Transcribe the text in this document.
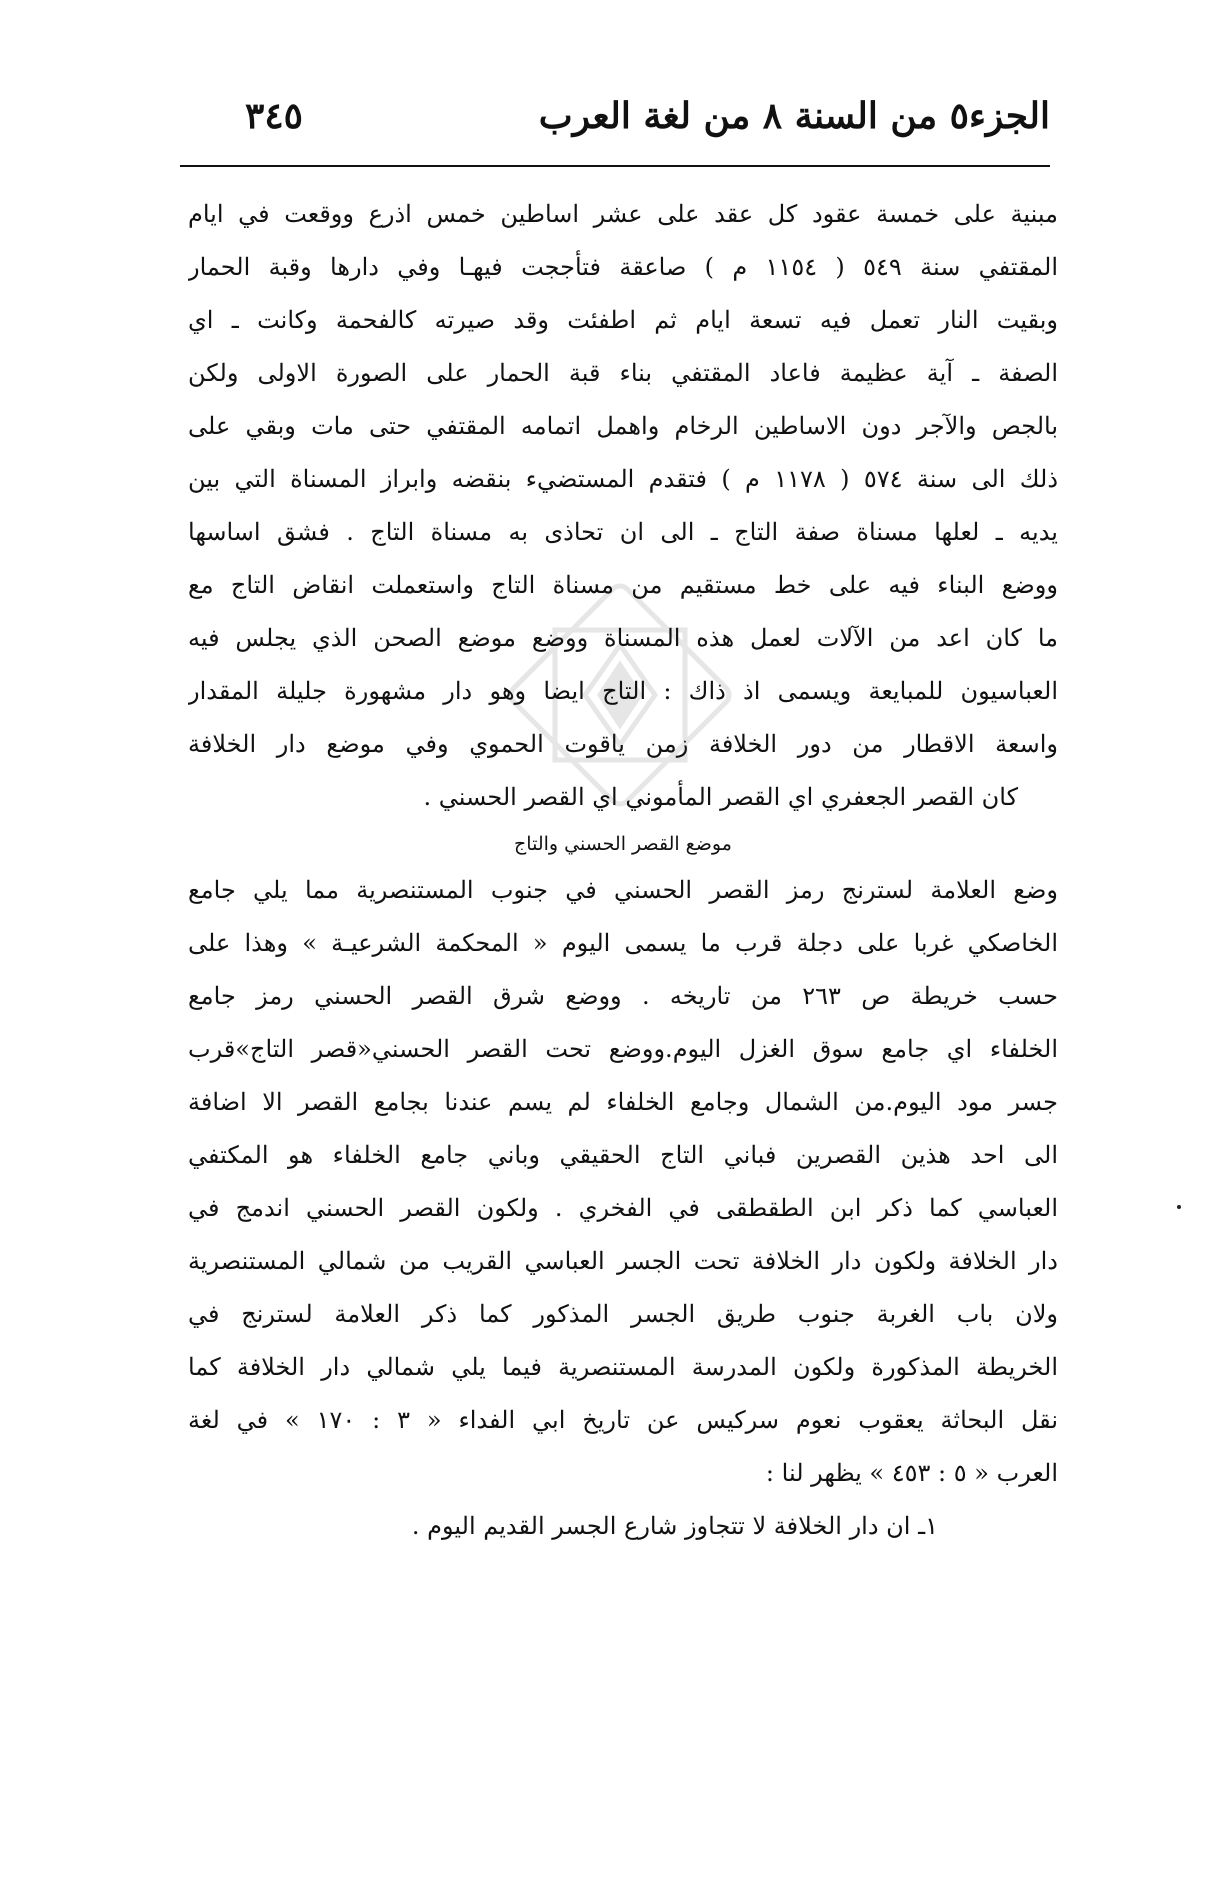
الجزء٥ من السنة ٨ من لغة العرب
٣٤٥
مبنية على خمسة عقود كل عقد على عشر اساطين خمس اذرع ووقعت في ايام
المقتفي سنة ٥٤٩ ( ١١٥٤ م ) صاعقة فتأججت فيهـا وفي دارها وقبة الحمار
وبقيت النار تعمل فيه تسعة ايام ثم اطفئت وقد صيرته كالفحمة وكانت ـ اي
الصفة ـ آية عظيمة فاعاد المقتفي بناء قبة الحمار على الصورة الاولى ولكن
بالجص والآجر دون الاساطين الرخام واهمل اتمامه المقتفي حتى مات وبقي على
ذلك الى سنة ٥٧٤ ( ١١٧٨ م ) فتقدم المستضيء بنقضه وابراز المسناة التي بين
يديه ـ لعلها مسناة صفة التاج ـ الى ان تحاذى به مسناة التاج . فشق اساسها
ووضع البناء فيه على خط مستقيم من مسناة التاج واستعملت انقاض التاج مع
ما كان اعد من الآلات لعمل هذه المسناة ووضع موضع الصحن الذي يجلس فيه
العباسيون للمبايعة ويسمى اذ ذاك : التاج ايضا وهو دار مشهورة جليلة المقدار
واسعة الاقطار من دور الخلافة زمن ياقوت الحموي وفي موضع دار الخلافة
كان القصر الجعفري اي القصر المأموني اي القصر الحسني .

موضع القصر الحسني والتاج

وضع العلامة لسترنج رمز القصر الحسني في جنوب المستنصرية مما يلي جامع
الخاصكي غربا على دجلة قرب ما يسمى اليوم « المحكمة الشرعيـة » وهذا على
حسب خريطة ص ٢٦٣ من تاريخه . ووضع شرق القصر الحسني رمز جامع
الخلفاء اي جامع سوق الغزل اليوم.ووضع تحت القصر الحسني«قصر التاج»قرب
جسر مود اليوم.من الشمال وجامع الخلفاء لم يسم عندنا بجامع القصر الا اضافة
الى احد هذين القصرين فباني التاج الحقيقي وباني جامع الخلفاء هو المكتفي
العباسي كما ذكر ابن الطقطقى في الفخري . ولكون القصر الحسني اندمج في
دار الخلافة ولكون دار الخلافة تحت الجسر العباسي القريب من شمالي المستنصرية
ولان باب الغربة جنوب طريق الجسر المذكور كما ذكر العلامة لسترنج في
الخريطة المذكورة ولكون المدرسة المستنصرية فيما يلي شمالي دار الخلافة كما
نقل البحاثة يعقوب نعوم سركيس عن تاريخ ابي الفداء « ٣ : ١٧٠ » في لغة
العرب « ٥ : ٤٥٣ » يظهر لنا :
١ـ ان دار الخلافة لا تتجاوز شارع الجسر القديم اليوم .
